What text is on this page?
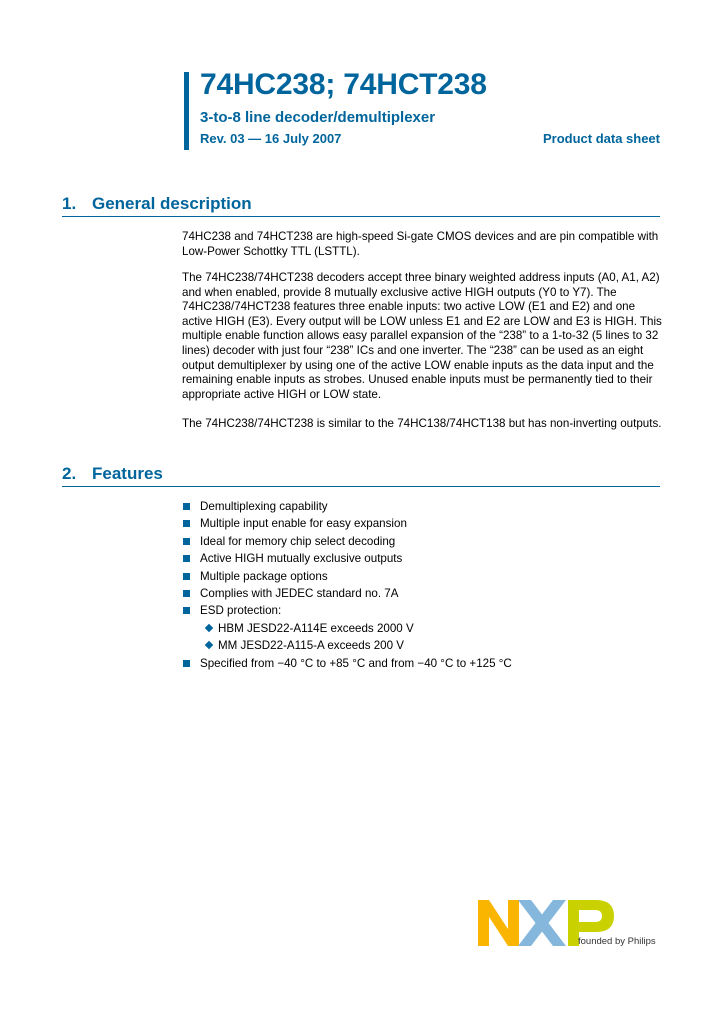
74HC238; 74HCT238
3-to-8 line decoder/demultiplexer
Rev. 03 — 16 July 2007	Product data sheet
1. General description
74HC238 and 74HCT238 are high-speed Si-gate CMOS devices and are pin compatible with Low-Power Schottky TTL (LSTTL).
The 74HC238/74HCT238 decoders accept three binary weighted address inputs (A0, A1, A2) and when enabled, provide 8 mutually exclusive active HIGH outputs (Y0 to Y7). The 74HC238/74HCT238 features three enable inputs: two active LOW (E1 and E2) and one active HIGH (E3). Every output will be LOW unless E1 and E2 are LOW and E3 is HIGH. This multiple enable function allows easy parallel expansion of the “238” to a 1-to-32 (5 lines to 32 lines) decoder with just four “238” ICs and one inverter. The “238” can be used as an eight output demultiplexer by using one of the active LOW enable inputs as the data input and the remaining enable inputs as strobes. Unused enable inputs must be permanently tied to their appropriate active HIGH or LOW state.
The 74HC238/74HCT238 is similar to the 74HC138/74HCT138 but has non-inverting outputs.
2. Features
Demultiplexing capability
Multiple input enable for easy expansion
Ideal for memory chip select decoding
Active HIGH mutually exclusive outputs
Multiple package options
Complies with JEDEC standard no. 7A
ESD protection:
HBM JESD22-A114E exceeds 2000 V
MM JESD22-A115-A exceeds 200 V
Specified from −40 °C to +85 °C and from −40 °C to +125 °C
founded by Philips
